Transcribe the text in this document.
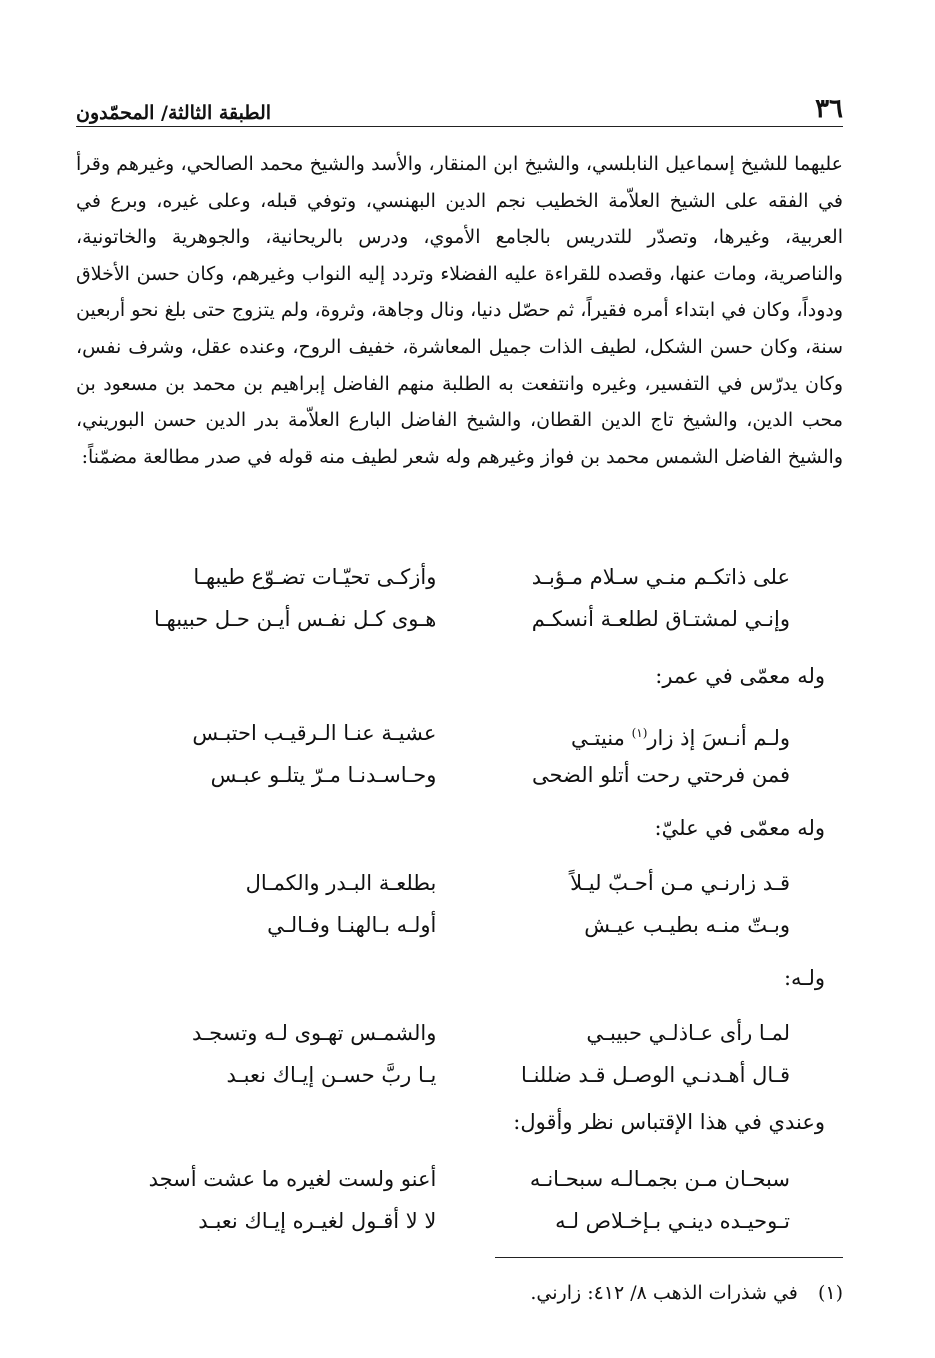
٣٦
الطبقة الثالثة/ المحمّدون

عليهما للشيخ إسماعيل النابلسي، والشيخ ابن المنقار، والأسد والشيخ محمد الصالحي، وغيرهم وقرأ في الفقه على الشيخ العلاّمة الخطيب نجم الدين البهنسي، وتوفي قبله، وعلى غيره، وبرع في العربية، وغيرها، وتصدّر للتدريس بالجامع الأموي، ودرس بالريحانية، والجوهرية والخاتونية، والناصرية، ومات عنها، وقصده للقراءة عليه الفضلاء وتردد إليه النواب وغيرهم، وكان حسن الأخلاق ودوداً، وكان في ابتداء أمره فقيراً، ثم حصّل دنيا، ونال وجاهة، وثروة، ولم يتزوج حتى بلغ نحو أربعين سنة، وكان حسن الشكل، لطيف الذات جميل المعاشرة، خفيف الروح، وعنده عقل، وشرف نفس، وكان يدرّس في التفسير، وغيره وانتفعت به الطلبة منهم الفاضل إبراهيم بن محمد بن مسعود بن محب الدين، والشيخ تاج الدين القطان، والشيخ الفاضل البارع العلاّمة بدر الدين حسن البوريني، والشيخ الفاضل الشمس محمد بن فواز وغيرهم وله شعر لطيف منه قوله في صدر مطالعة مضمّناً:

على ذاتكـم منـي سـلام مـؤبـد
وأزكـى تحيّـات تضـوّع طيبهـا
وإنـي لمشتـاق لطلعـة أنسكـم
هـوى كـل نفـس أيـن حـل حبيبهـا
وله معمّى في عمر:
ولـم أنـسَ إذ زار$^{(١)}$ منيتـي
عشيـة عنـا الـرقيـب احتبـس
فمن فرحتي رحت أتلو الضحى
وحـاسـدنـا مـرّ يتلـو عبـس
وله معمّى في عليّ:
قـد زارنـي مـن أحـبّ ليـلاً
بطلعـة البـدر والكمـال
وبـتّ منـه بطيـب عيـش
أولـه بـالهنـا وفـالـي
ولـه:
لمـا رأى عـاذلـي حبيبـي
والشمـس تهـوى لـه وتسجـد
قـال أهـدنـي الوصـل قـد ضللنـا
يـا ربَّ حسـن إيـاك نعبـد
وعندي في هذا الإقتباس نظر وأقول:
سبحـان مـن بجمـالـه سبحـانـه
أعنو ولست لغيره ما عشت أسجد
تـوحيـده دينـي بـإخـلاص لـه
لا لا أقـول لغيـره إيـاك نعبـد
(١) في شذرات الذهب ٨/ ٤١٢: زارني.
